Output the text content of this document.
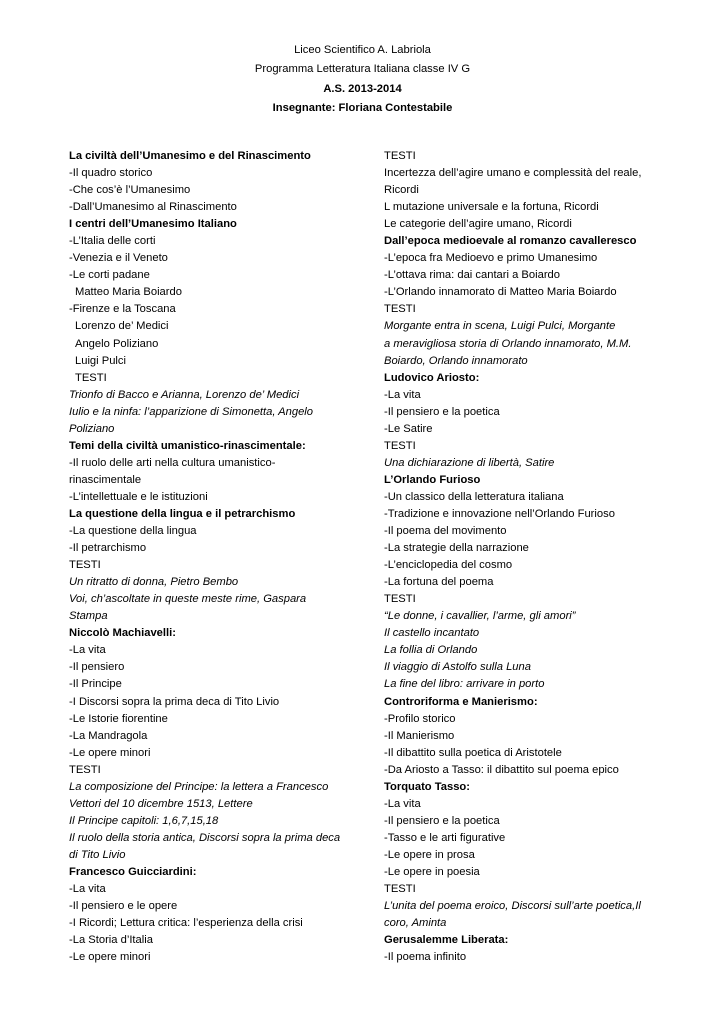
Liceo Scientifico A. Labriola
Programma Letteratura Italiana classe IV G
A.S. 2013-2014
Insegnante: Floriana Contestabile
La civiltà dell’Umanesimo e del Rinascimento
-Il quadro storico
-Che cos’è l’Umanesimo
-Dall’Umanesimo al Rinascimento
I centri dell’Umanesimo Italiano
-L’Italia delle corti
-Venezia e il Veneto
-Le corti padane
Matteo Maria Boiardo
-Firenze e la Toscana
Lorenzo de’ Medici
Angelo Poliziano
Luigi Pulci
TESTI
Trionfo di Bacco e Arianna, Lorenzo de’ Medici
Iulio e la ninfa: l’apparizione di Simonetta, Angelo
Poliziano
Temi della civiltà umanistico-rinascimentale:
-Il ruolo delle arti nella cultura umanistico-
rinascimentale
-L’intellettuale e le istituzioni
La questione della lingua e il petrarchismo
-La questione della lingua
-Il petrarchismo
TESTI
Un ritratto di donna, Pietro Bembo
Voi, ch’ascoltate in queste meste rime, Gaspara
Stampa
Niccolò Machiavelli:
-La vita
-Il pensiero
-Il Principe
-I Discorsi sopra la prima deca di Tito Livio
-Le Istorie fiorentine
-La Mandragola
-Le opere minori
TESTI
La composizione del Principe: la lettera a Francesco
Vettori del 10 dicembre 1513, Lettere
Il Principe capitoli: 1,6,7,15,18
Il ruolo della storia antica, Discorsi sopra la prima deca
di Tito Livio
Francesco Guicciardini:
-La vita
-Il pensiero e le opere
-I Ricordi; Lettura critica: l’esperienza della crisi
-La Storia d’Italia
-Le opere minori
TESTI
Incertezza dell’agire umano e complessità del reale,
Ricordi
L mutazione universale e la fortuna, Ricordi
Le categorie dell’agire umano, Ricordi
Dall’epoca medioevale al romanzo cavalleresco
-L’epoca fra Medioevo e primo Umanesimo
-L’ottava rima: dai cantari a Boiardo
-L’Orlando innamorato di Matteo Maria Boiardo
TESTI
Morgante entra in scena, Luigi Pulci, Morgante
a meravigliosa storia di Orlando innamorato, M.M.
Boiardo, Orlando innamorato
Ludovico Ariosto:
-La vita
-Il pensiero e la poetica
-Le Satire
TESTI
Una dichiarazione di libertà, Satire
L’Orlando Furioso
-Un classico della letteratura italiana
-Tradizione e innovazione nell’Orlando Furioso
-Il poema del movimento
-La strategie della narrazione
-L’enciclopedia del cosmo
-La fortuna del poema
TESTI
“Le donne, i cavallier, l’arme, gli amori”
Il castello incantato
La follia di Orlando
Il viaggio di Astolfo sulla Luna
La fine del libro: arrivare in porto
Controriforma e Manierismo:
-Profilo storico
-Il Manierismo
-Il dibattito sulla poetica di Aristotele
-Da Ariosto a Tasso: il dibattito sul poema epico
Torquato Tasso:
-La vita
-Il pensiero e la poetica
-Tasso e le arti figurative
-Le opere in prosa
-Le opere in poesia
TESTI
L’unita del poema eroico, Discorsi sull’arte poetica,Il
coro, Aminta
Gerusalemme Liberata:
-Il poema infinito
